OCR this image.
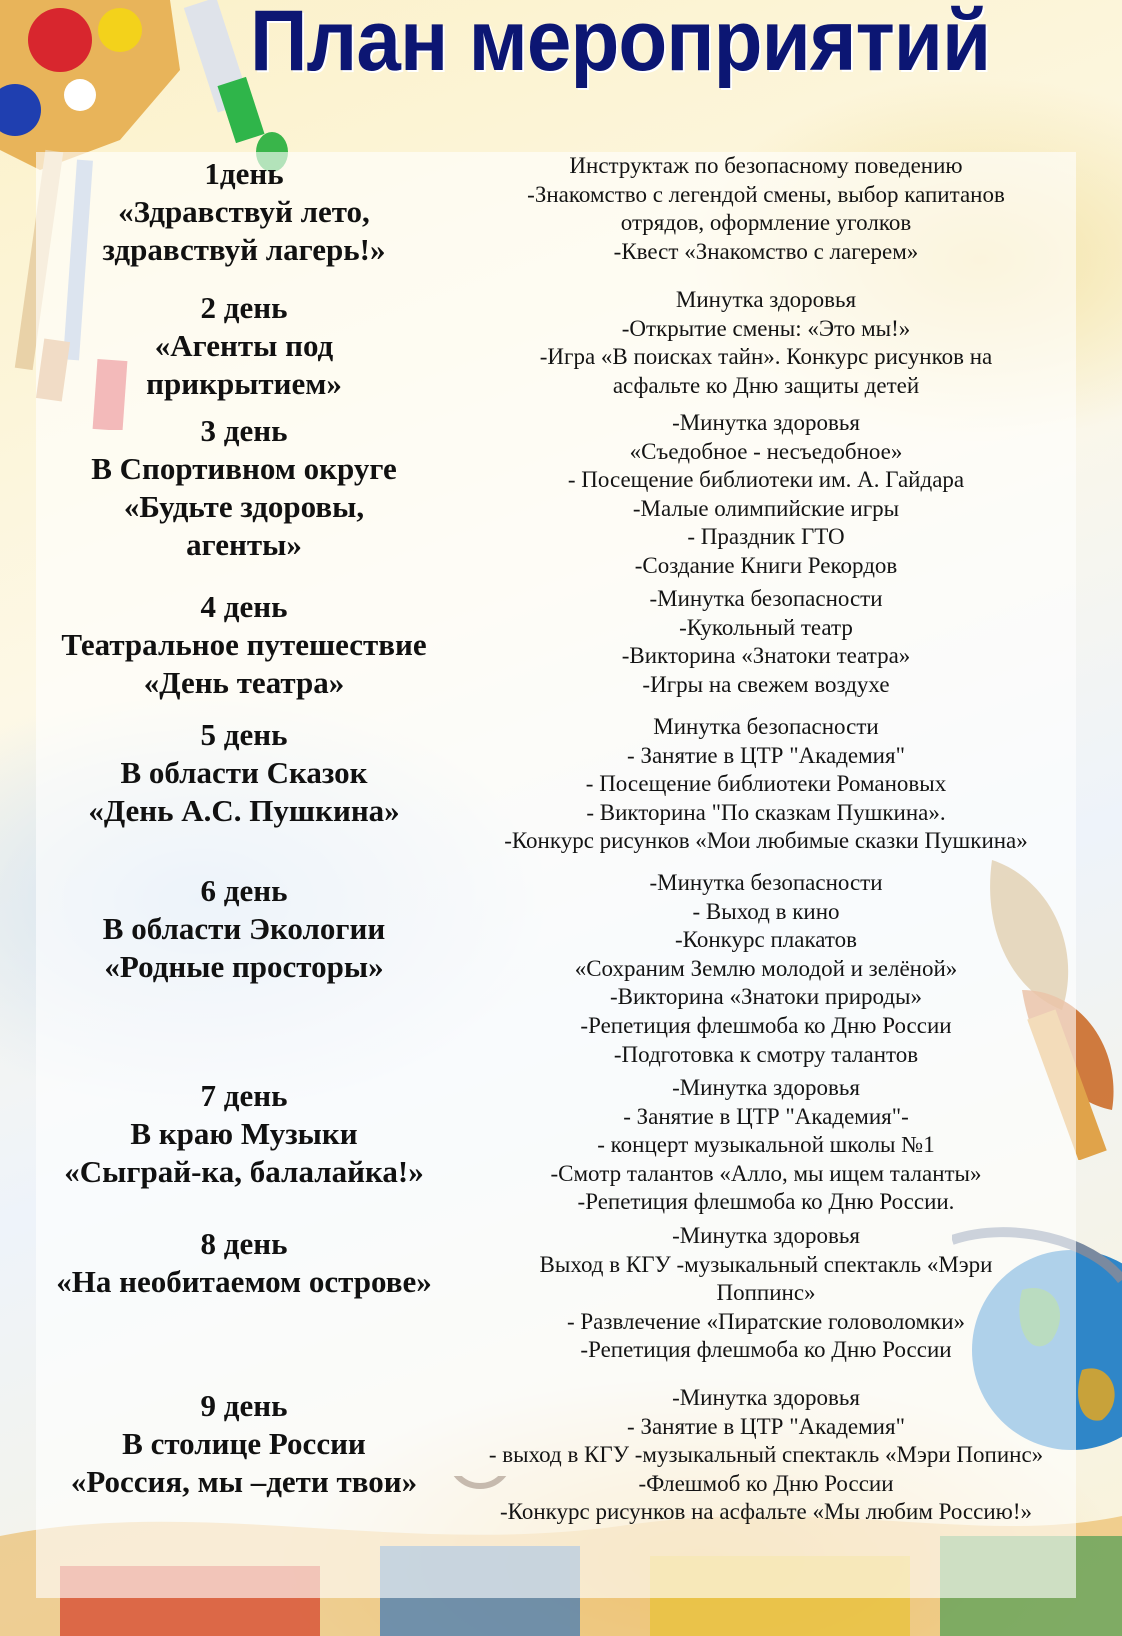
План мероприятий
1день
«Здравствуй лето,
здравствуй лагерь!»
Инструктаж по безопасному поведению
-Знакомство с легендой смены, выбор капитанов
отрядов, оформление уголков
-Квест «Знакомство с лагерем»
2 день
«Агенты под
прикрытием»
Минутка здоровья
-Открытие смены: «Это мы!»
-Игра «В поисках тайн». Конкурс рисунков на
асфальте ко Дню защиты детей
3 день
В Спортивном округе
«Будьте здоровы,
агенты»
-Минутка здоровья
«Съедобное - несъедобное»
- Посещение библиотеки им. А. Гайдара
-Малые олимпийские игры
- Праздник ГТО
-Создание Книги Рекордов
4 день
Театральное путешествие
«День театра»
-Минутка безопасности
-Кукольный театр
-Викторина «Знатоки театра»
-Игры на свежем воздухе
5 день
В области Сказок
«День А.С. Пушкина»
Минутка безопасности
- Занятие в ЦТР "Академия"
- Посещение библиотеки Романовых
- Викторина "По сказкам Пушкина».
-Конкурс рисунков «Мои любимые сказки Пушкина»
6 день
В области Экологии
«Родные просторы»
-Минутка безопасности
- Выход в кино
-Конкурс плакатов
«Сохраним Землю молодой и зелёной»
-Викторина «Знатоки природы»
-Репетиция флешмоба ко Дню России
-Подготовка к смотру талантов
7 день
В краю Музыки
«Сыграй-ка, балалайка!»
-Минутка здоровья
- Занятие в ЦТР "Академия"-
- концерт музыкальной школы №1
-Смотр талантов «Алло, мы ищем таланты»
-Репетиция флешмоба ко Дню России.
8 день
«На необитаемом острове»
-Минутка здоровья
Выход в КГУ -музыкальный спектакль «Мэри
Поппинс»
- Развлечение «Пиратские головоломки»
-Репетиция флешмоба ко Дню России
9 день
В столице России
«Россия, мы –дети твои»
-Минутка здоровья
- Занятие в ЦТР "Академия"
- выход в КГУ -музыкальный спектакль «Мэри Попинс»
-Флешмоб ко Дню России
-Конкурс рисунков на асфальте «Мы любим Россию!»
